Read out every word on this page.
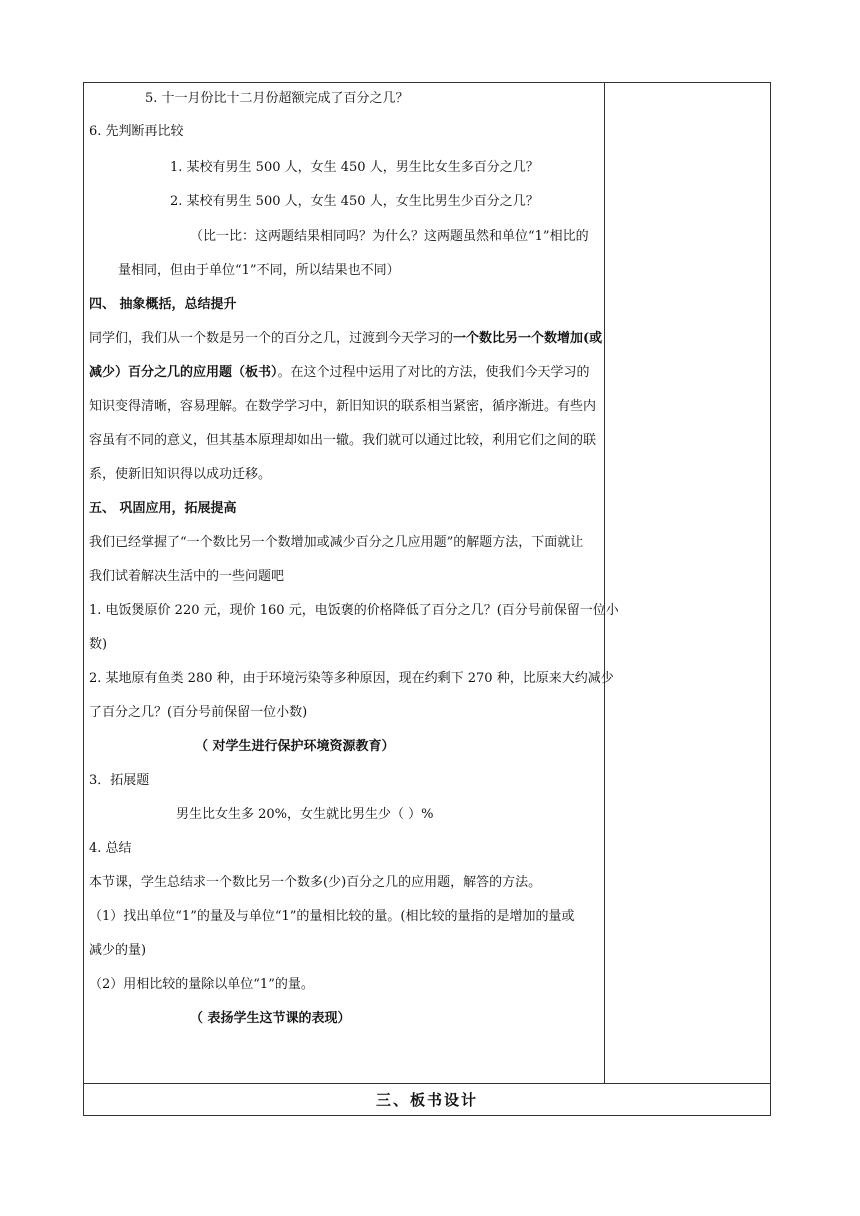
5. 十一月份比十二月份超额完成了百分之几？
6. 先判断再比较
1. 某校有男生 500 人，女生 450 人，男生比女生多百分之几？
2. 某校有男生 500 人，女生 450 人，女生比男生少百分之几？
（比一比：这两题结果相同吗？为什么？这两题虽然和单位“1”相比的
量相同，但由于单位“1”不同，所以结果也不同）
四、 抽象概括，总结提升
同学们，我们从一个数是另一个的百分之几，过渡到今天学习的一个数比另一个数增加(或
减少）百分之几的应用题（板书）。在这个过程中运用了对比的方法，使我们今天学习的
知识变得清晰，容易理解。在数学学习中，新旧知识的联系相当紧密，循序渐进。有些内
容虽有不同的意义，但其基本原理却如出一辙。我们就可以通过比较，利用它们之间的联
系，使新旧知识得以成功迁移。
五、 巩固应用，拓展提高
我们已经掌握了“一个数比另一个数增加或减少百分之几应用题”的解题方法，下面就让
我们试着解决生活中的一些问题吧
1. 电饭煲原价 220 元，现价 160 元，电饭褒的价格降低了百分之几？(百分号前保留一位小
数)
2. 某地原有鱼类 280 种，由于环境污染等多种原因，现在约剩下 270 种，比原来大约减少
了百分之几？(百分号前保留一位小数)
（ 对学生进行保护环境资源教育）
3．拓展题
男生比女生多 20%，女生就比男生少（ ）%
4. 总结
本节课，学生总结求一个数比另一个数多(少)百分之几的应用题，解答的方法。
（1）找出单位“1”的量及与单位“1”的量相比较的量。(相比较的量指的是增加的量或
减少的量)
（2）用相比较的量除以单位“1”的量。
（ 表扬学生这节课的表现）
三、板书设计
